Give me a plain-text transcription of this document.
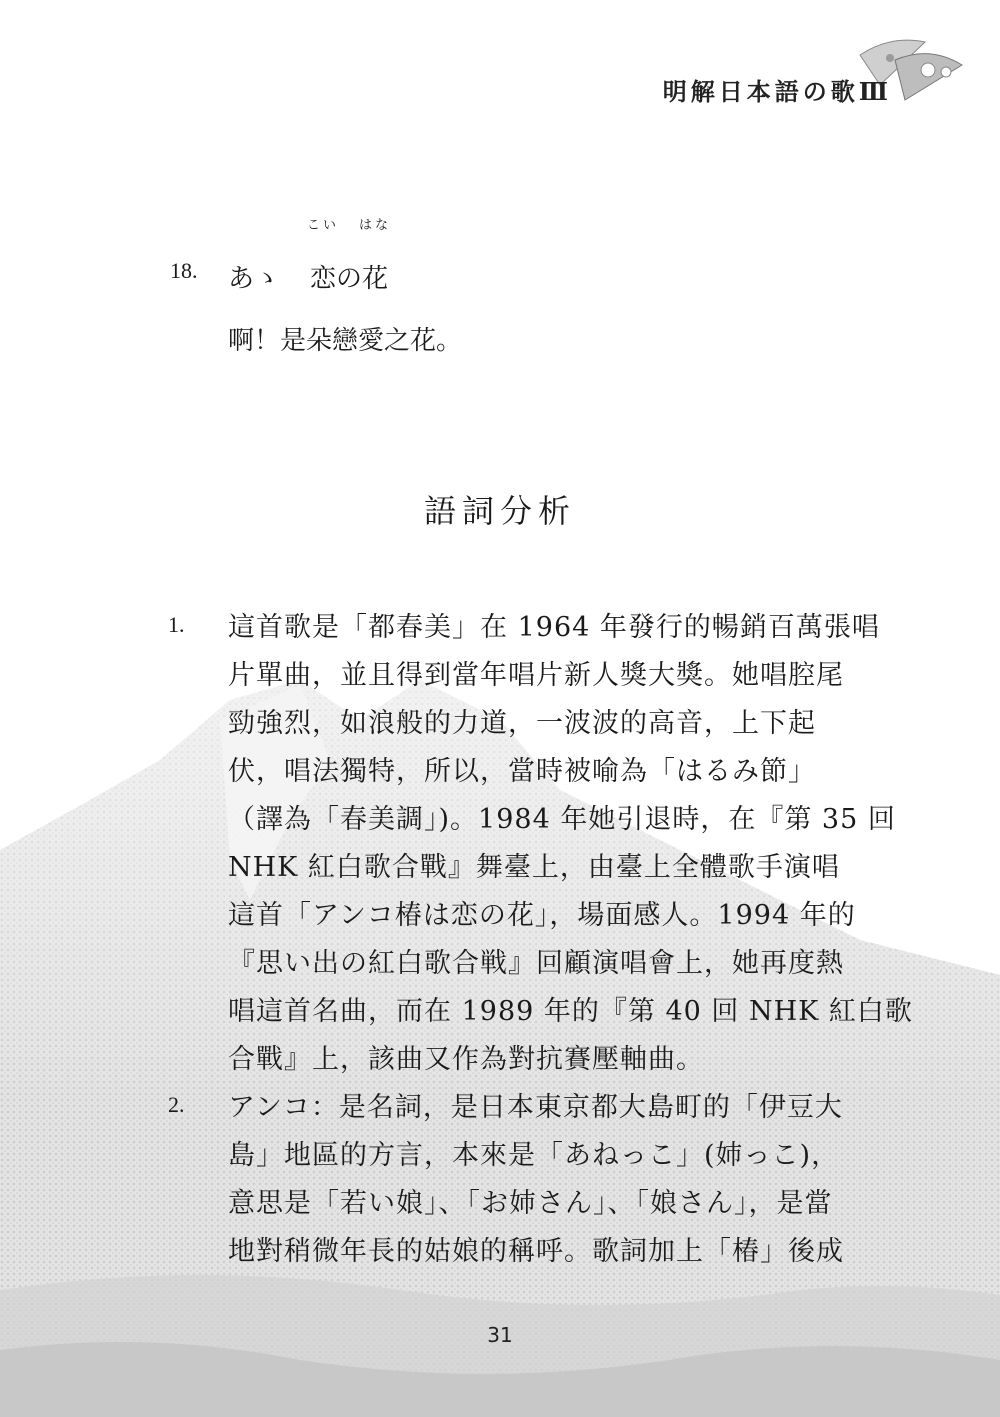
明解日本語の歌Ⅲ
18. あゝ
こい
恋
の
はな
花
啊！是朵戀愛之花。
語詞分析
1. 這首歌是「都春美」在 1964 年發行的暢銷百萬張唱
片單曲，並且得到當年唱片新人獎大獎。她唱腔尾
勁強烈，如浪般的力道，一波波的高音，上下起
伏，唱法獨特，所以，當時被喻為「はるみ節」
（譯為「春美調」)。1984 年她引退時，在『第 35 回
NHK 紅白歌合戰』舞臺上，由臺上全體歌手演唱
這首「アンコ椿は恋の花」，場面感人。1994 年的
『思い出の紅白歌合戦』回顧演唱會上，她再度熱
唱這首名曲，而在 1989 年的『第 40 回 NHK 紅白歌
合戰』上，該曲又作為對抗賽壓軸曲。
2. アンコ：是名詞，是日本東京都大島町的「伊豆大
島」地區的方言，本來是「あねっこ」(姉っこ)，
意思是「若い娘」、「お姉さん」、「娘さん」，是當
地對稍微年長的姑娘的稱呼。歌詞加上「椿」後成
31
